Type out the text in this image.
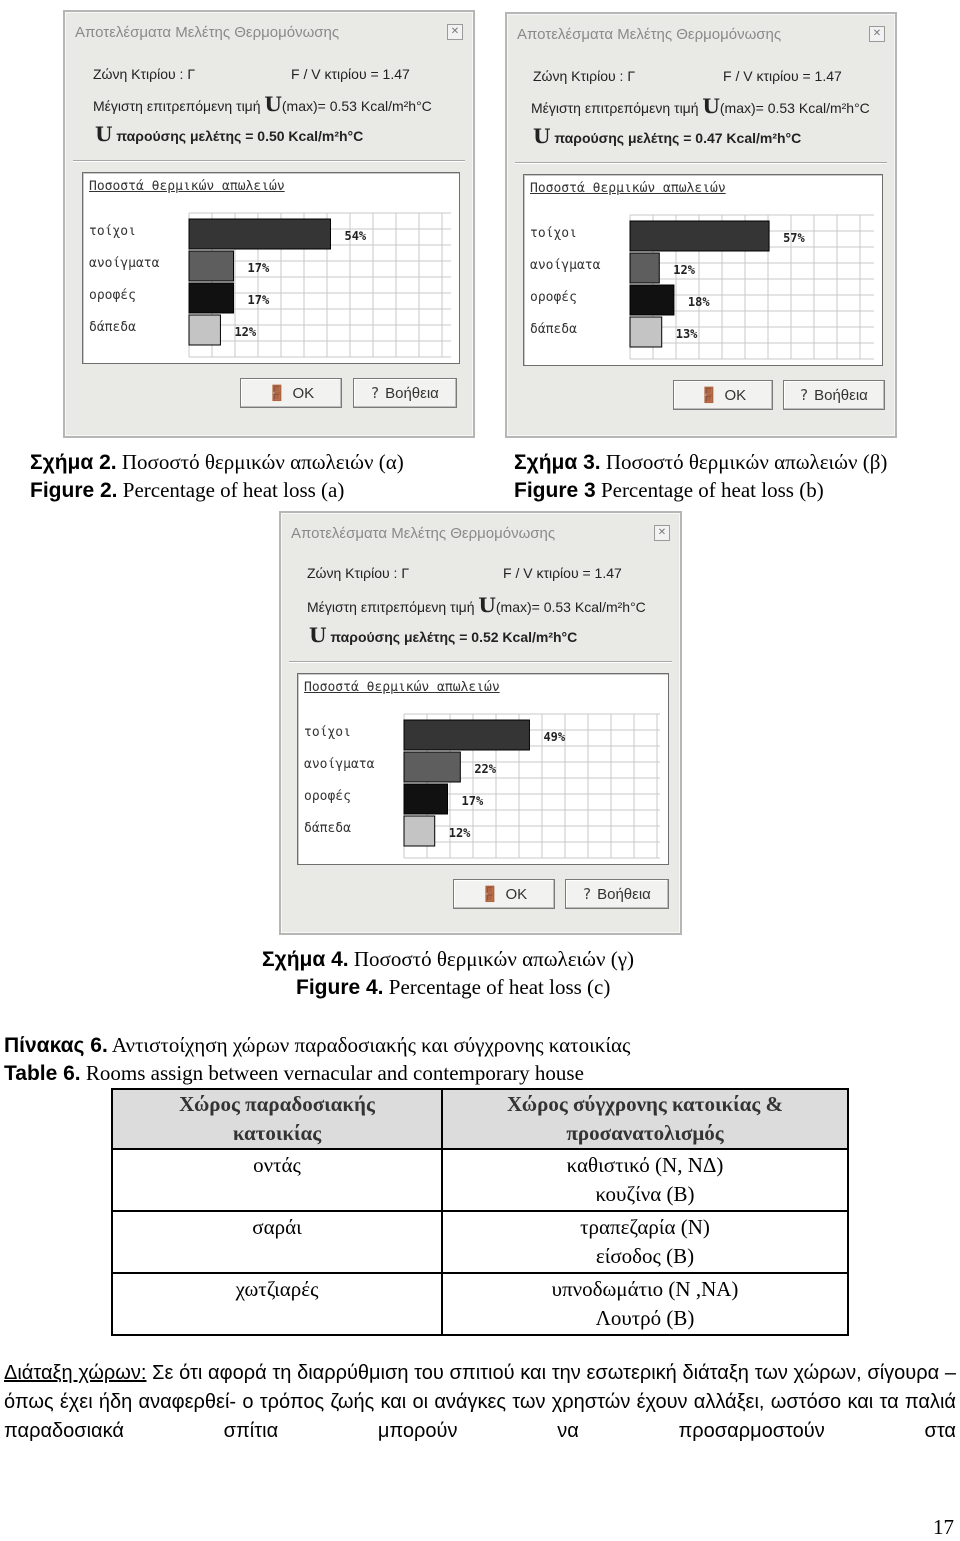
Αποτελέσματα Μελέτης Θερμομόνωσης	✕
Ζώνη Κτιρίου : Γ	F / V κτιρίου = 1.47
Μέγιστη επιτρεπόμενη τιμή U(max)= 0.53 Kcal/m²h°C
U παρούσης μελέτης = 0.50 Kcal/m²h°C
Ποσοστά θερμικών απωλειών
τοίχοι
ανοίγματα
οροφές
δάπεδα
54%
17%
17%
12%
🚪 OK	? Βοήθεια
Αποτελέσματα Μελέτης Θερμομόνωσης	✕
Ζώνη Κτιρίου : Γ	F / V κτιρίου = 1.47
Μέγιστη επιτρεπόμενη τιμή U(max)= 0.53 Kcal/m²h°C
U παρούσης μελέτης = 0.47 Kcal/m²h°C
Ποσοστά θερμικών απωλειών
τοίχοι
ανοίγματα
οροφές
δάπεδα
57%
12%
18%
13%
🚪 OK	? Βοήθεια
Σχήμα 2. Ποσοστό θερμικών απωλειών (α)
Figure 2. Percentage of heat loss (a)
Σχήμα 3. Ποσοστό θερμικών απωλειών (β)
Figure 3 Percentage of heat loss (b)
Αποτελέσματα Μελέτης Θερμομόνωσης	✕
Ζώνη Κτιρίου : Γ	F / V κτιρίου = 1.47
Μέγιστη επιτρεπόμενη τιμή U(max)= 0.53 Kcal/m²h°C
U παρούσης μελέτης = 0.52 Kcal/m²h°C
Ποσοστά θερμικών απωλειών
τοίχοι
ανοίγματα
οροφές
δάπεδα
49%
22%
17%
12%
🚪 OK	? Βοήθεια
Σχήμα 4. Ποσοστό θερμικών απωλειών (γ)
Figure 4. Percentage of heat loss (c)
Πίνακας 6. Αντιστοίχηση χώρων παραδοσιακής και σύγχρονης κατοικίας
Table 6. Rooms assign between vernacular and contemporary house
Χώρος παραδοσιακής κατοικίας	Χώρος σύγχρονης κατοικίας & προσανατολισμός
οντάς	καθιστικό (Ν, ΝΔ)
κουζίνα (Β)
σαράι	τραπεζαρία (Ν)
είσοδος (Β)
χωτζιαρές	υπνοδωμάτιο (Ν ,ΝΑ)
Λουτρό (Β)
Διάταξη χώρων: Σε ότι αφορά τη διαρρύθμιση του σπιτιού και την εσωτερική διάταξη των χώρων, σίγουρα –όπως έχει ήδη αναφερθεί- ο τρόπος ζωής και οι ανάγκες των χρηστών έχουν αλλάξει, ωστόσο και τα παλιά παραδοσιακά σπίτια μπορούν να προσαρμοστούν στα
17
